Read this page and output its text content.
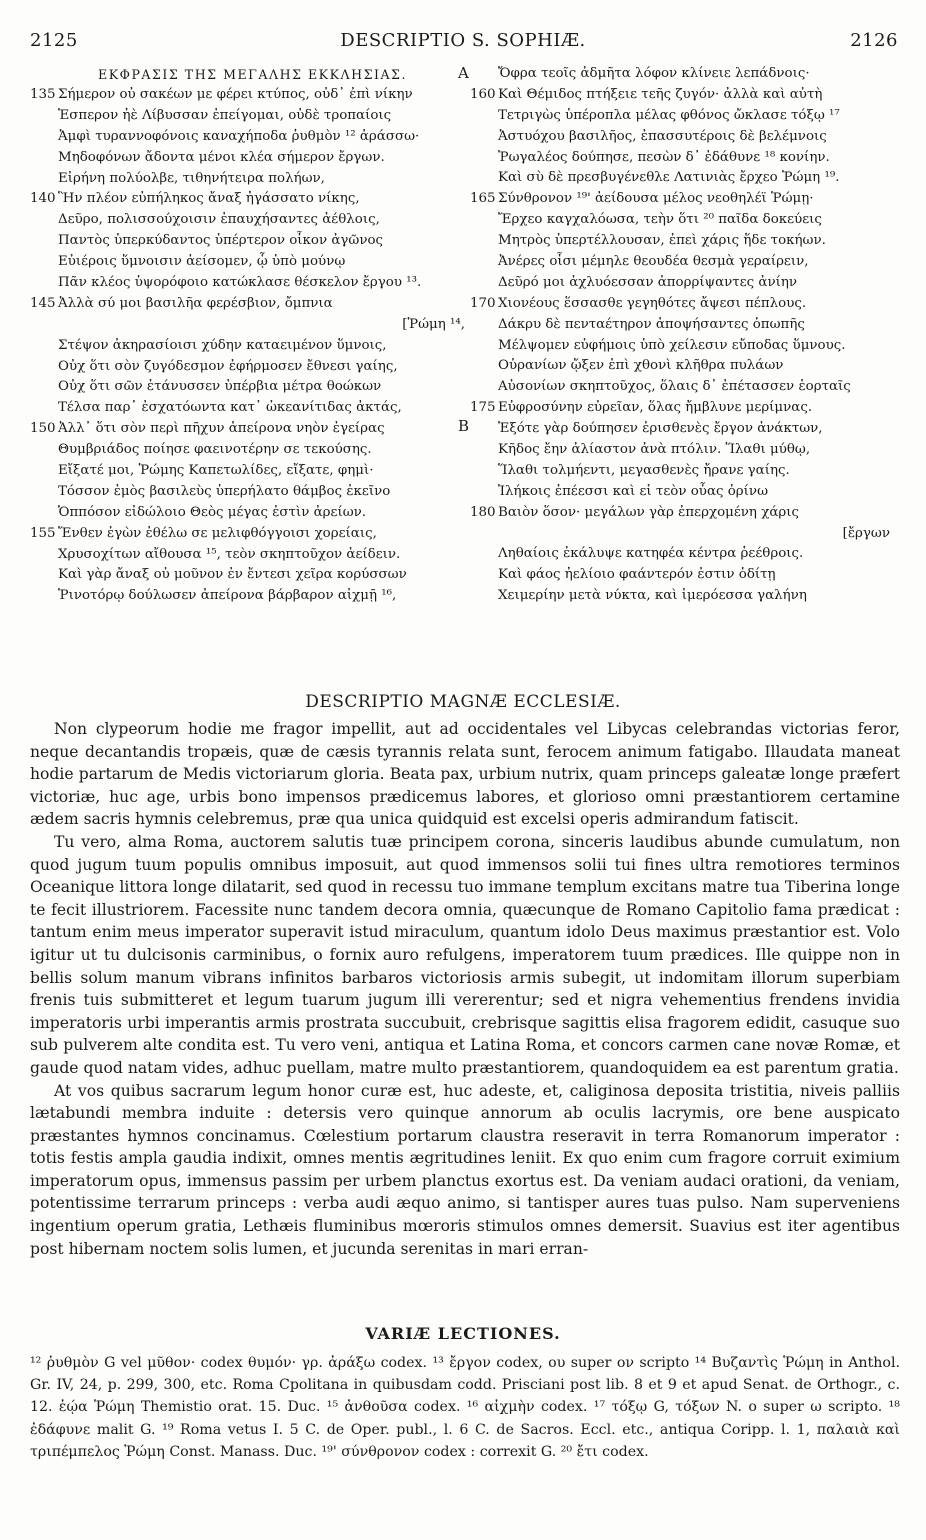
2125	DESCRIPTIO S. SOPHIÆ.	2126
A
B
ΕΚΦΡΑΣΙΣ ΤΗΣ ΜΕΓΑΛΗΣ ΕΚΚΛΗΣΙΑΣ.
135 Σήμερον οὐ σακέων με φέρει κτύπος, οὐδ᾽ ἐπὶ νίκην
Ἑσπερον ἠὲ Λίβυσσαν ἐπείγομαι, οὐδὲ τροπαίοις
Ἀμφὶ τυραννοφόνοις καναχήποδα ῥυθμὸν ¹² ἀράσσω·
Μηδοφόνων ἄδοντα μένοι κλέα σήμερον ἔργων.
Εἰρήνη πολύολβε, τιθηνήτειρα πολήων,
140 Ἣν πλέον εὐπήληκος ἄναξ ἠγάσσατο νίκης,
Δεῦρο, πολισσούχοισιν ἐπαυχήσαντες ἀέθλοις,
Παντὸς ὑπερκύδαντος ὑπέρτερον οἶκον ἀγῶνος
Εὐιέροις ὕμνοισιν ἀείσομεν, ᾧ ὑπὸ μούνῳ
Πᾶν κλέος ὑψορόφοιο κατώκλασε θέσκελον ἔργου ¹³.
145 Ἀλλὰ σύ μοι βασιλῆα φερέσβιον, ὄμπνια
[Ῥώμη ¹⁴,
Στέψον ἀκηρασίοισι χύδην καταειμένον ὕμνοις,
Οὐχ ὅτι σὸν ζυγόδεσμον ἐφήρμοσεν ἔθνεσι γαίης,
Οὐχ ὅτι σῶν ἐτάνυσσεν ὑπέρβια μέτρα θοώκων
Τέλσα παρ᾽ ἐσχατόωντα κατ᾽ ὠκεανίτιδας ἀκτάς,
150 Ἀλλ᾽ ὅτι σὸν περὶ πῆχυν ἀπείρονα νηὸν ἐγείρας
Θυμβριάδος ποίησε φαεινοτέρην σε τεκούσης.
Εἴξατέ μοι, Ῥώμης Καπετωλίδες, εἴξατε, φημὶ·
Τόσσον ἐμὸς βασιλεὺς ὑπερήλατο θάμβος ἐκεῖνο
Ὁππόσον εἰδώλοιο Θεὸς μέγας ἐστὶν ἀρείων.
155 Ἔνθεν ἐγὼν ἐθέλω σε μελιφθόγγοισι χορείαις,
Χρυσοχίτων αἴθουσα ¹⁵, τεὸν σκηπτοῦχον ἀείδειν.
Καὶ γὰρ ἄναξ οὐ μοῦνον ἐν ἔντεσι χεῖρα κορύσσων
Ῥινοτόρῳ δούλωσεν ἀπείρονα βάρβαρον αἰχμῇ ¹⁶,
Ὄφρα τεοῖς ἀδμῆτα λόφον κλίνειε λεπάδνοις·
160 Καὶ Θέμιδος πτήξειε τεῆς ζυγόν· ἀλλὰ καὶ αὐτὴ
Τετριγὼς ὑπέροπλα μέλας φθόνος ὤκλασε τόξῳ ¹⁷
Ἀστυόχου βασιλῆος, ἐπασσυτέροις δὲ βελέμνοις
Ῥωγαλέος δούπησε, πεσὼν δ᾽ ἐδάθυνε ¹⁸ κονίην.
Καὶ σὺ δὲ πρεσβυγένεθλε Λατινιὰς ἔρχεο Ῥώμη ¹⁹.
165 Σύνθρονον ¹⁹' ἀείδουσα μέλος νεοθηλέϊ Ῥώμῃ·
Ἔρχεο καγχαλόωσα, τεὴν ὅτι ²⁰ παῖδα δοκεύεις
Μητρὸς ὑπερτέλλουσαν, ἐπεὶ χάρις ἥδε τοκήων.
Ἀνέρες οἷσι μέμηλε θεουδέα θεσμὰ γεραίρειν,
Δεῦρό μοι ἀχλυόεσσαν ἀπορρίψαντες ἀνίην
170 Χιονέους ἕσσασθε γεγηθότες ἄψεσι πέπλους.
Δάκρυ δὲ πενταέτηρον ἀποψήσαντες ὀπωπῆς
Μέλψομεν εὐφήμοις ὑπὸ χείλεσιν εὔποδας ὕμνους.
Οὐρανίων ᾤξεν ἐπὶ χθονὶ κλῆθρα πυλάων
Αὐσονίων σκηπτοῦχος, ὅλαις δ᾽ ἐπέτασσεν ἑορταῖς
175 Εὐφροσύνην εὐρεῖαν, ὅλας ἤμβλυνε μερίμνας.
Ἐξότε γὰρ δούπησεν ἐρισθενὲς ἔργον ἀνάκτων,
Κῆδος ἔην ἀλίαστον ἀνὰ πτόλιν. Ἵλαθι μύθῳ,
Ἵλαθι τολμήεντι, μεγασθενὲς ἤρανε γαίης.
Ἰλήκοις ἐπέεσσι καὶ εἰ τεὸν οὖας ὀρίνω
180 Βαιὸν ὅσον· μεγάλων γὰρ ἐπερχομένη χάρις
[ἔργων
Ληθαίοις ἐκάλυψε κατηφέα κέντρα ῥεέθροις.
Καὶ φάος ἠελίοιο φαάντερόν ἐστιν ὁδίτῃ
Χειμερίην μετὰ νύκτα, καὶ ἱμερόεσσα γαλήνη
DESCRIPTIO MAGNÆ ECCLESIÆ.

Non clypeorum hodie me fragor impellit, aut ad occidentales vel Libycas celebrandas victorias feror, neque decantandis tropæis, quæ de cæsis tyrannis relata sunt, ferocem animum fatigabo. Illaudata maneat hodie partarum de Medis victoriarum gloria. Beata pax, urbium nutrix, quam princeps galeatæ longe præfert victoriæ, huc age, urbis bono impensos prædicemus labores, et glorioso omni præstantiorem certamine ædem sacris hymnis celebremus, præ qua unica quidquid est excelsi operis admirandum fatiscit.

Tu vero, alma Roma, auctorem salutis tuæ principem corona, sinceris laudibus abunde cumulatum, non quod jugum tuum populis omnibus imposuit, aut quod immensos solii tui fines ultra remotiores terminos Oceanique littora longe dilatarit, sed quod in recessu tuo immane templum excitans matre tua Tiberina longe te fecit illustriorem. Facessite nunc tandem decora omnia, quæcunque de Romano Capitolio fama prædicat : tantum enim meus imperator superavit istud miraculum, quantum idolo Deus maximus præstantior est. Volo igitur ut tu dulcisonis carminibus, o fornix auro refulgens, imperatorem tuum prædices. Ille quippe non in bellis solum manum vibrans infinitos barbaros victoriosis armis subegit, ut indomitam illorum superbiam frenis tuis submitteret et legum tuarum jugum illi vererentur; sed et nigra vehementius frendens invidia imperatoris urbi imperantis armis prostrata succubuit, crebrisque sagittis elisa fragorem edidit, casuque suo sub pulverem alte condita est. Tu vero veni, antiqua et Latina Roma, et concors carmen cane novæ Romæ, et gaude quod natam vides, adhuc puellam, matre multo præstantiorem, quandoquidem ea est parentum gratia.

At vos quibus sacrarum legum honor curæ est, huc adeste, et, caliginosa deposita tristitia, niveis palliis lætabundi membra induite : detersis vero quinque annorum ab oculis lacrymis, ore bene auspicato præstantes hymnos concinamus. Cœlestium portarum claustra reseravit in terra Romanorum imperator : totis festis ampla gaudia indixit, omnes mentis ægritudines leniit. Ex quo enim cum fragore corruit eximium imperatorum opus, immensus passim per urbem planctus exortus est. Da veniam audaci orationi, da veniam, potentissime terrarum princeps : verba audi æquo animo, si tantisper aures tuas pulso. Nam superveniens ingentium operum gratia, Lethæis fluminibus mœroris stimulos omnes demersit. Suavius est iter agentibus post hibernam noctem solis lumen, et jucunda serenitas in mari erran-

VARIÆ LECTIONES.
¹² ῥυθμὸν G vel μῦθον· codex θυμόν· γρ. ἀράξω codex. ¹³ ἔργον codex, ου super ον scripto ¹⁴ Βυζαντὶς Ῥώμη in Anthol. Gr. IV, 24, p. 299, 300, etc. Roma Cpolitana in quibusdam codd. Prisciani post lib. 8 et 9 et apud Senat. de Orthogr., c. 12. ἑῴα Ῥώμη Themistio orat. 15. Duc. ¹⁵ ἀνθοῦσα codex. ¹⁶ αἰχμὴν codex. ¹⁷ τόξῳ G, τόξων N. o super ω scripto. ¹⁸ ἐδάφυνε malit G. ¹⁹ Roma vetus I. 5 C. de Oper. publ., l. 6 C. de Sacros. Eccl. etc., antiqua Coripp. l. 1, παλαιὰ καὶ τριπέμπελος Ῥώμη Const. Manass. Duc. ¹⁹' σύνθρονον codex : correxit G. ²⁰ ἔτι codex.
